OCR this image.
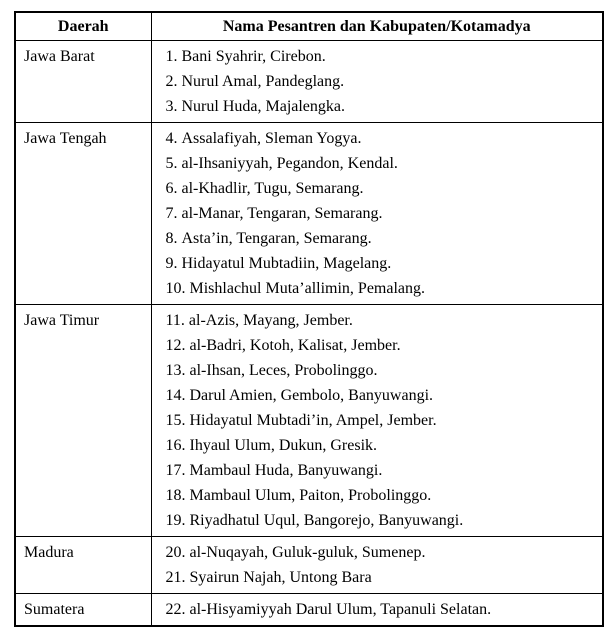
Daerah	Nama Pesantren dan Kabupaten/Kotamadya
Jawa Barat	1. Bani Syahrir, Cirebon.
2. Nurul Amal, Pandeglang.
3. Nurul Huda, Majalengka.

Jawa Tengah	4. Assalafiyah, Sleman Yogya.
5. al-Ihsaniyyah, Pegandon, Kendal.
6. al-Khadlir, Tugu, Semarang.
7. al-Manar, Tengaran, Semarang.
8. Asta’in, Tengaran, Semarang.
9. Hidayatul Mubtadiin, Magelang.
10. Mishlachul Muta’allimin, Pemalang.

Jawa Timur	11. al-Azis, Mayang, Jember.
12. al-Badri, Kotoh, Kalisat, Jember.
13. al-Ihsan, Leces, Probolinggo.
14. Darul Amien, Gembolo, Banyuwangi.
15. Hidayatul Mubtadi’in, Ampel, Jember.
16. Ihyaul Ulum, Dukun, Gresik.
17. Mambaul Huda, Banyuwangi.
18. Mambaul Ulum, Paiton, Probolinggo.
19. Riyadhatul Uqul, Bangorejo, Banyuwangi.

Madura	20. al-Nuqayah, Guluk-guluk, Sumenep.
21. Syairun Najah, Untong Bara

Sumatera	22. al-Hisyamiyyah Darul Ulum, Tapanuli Selatan.
